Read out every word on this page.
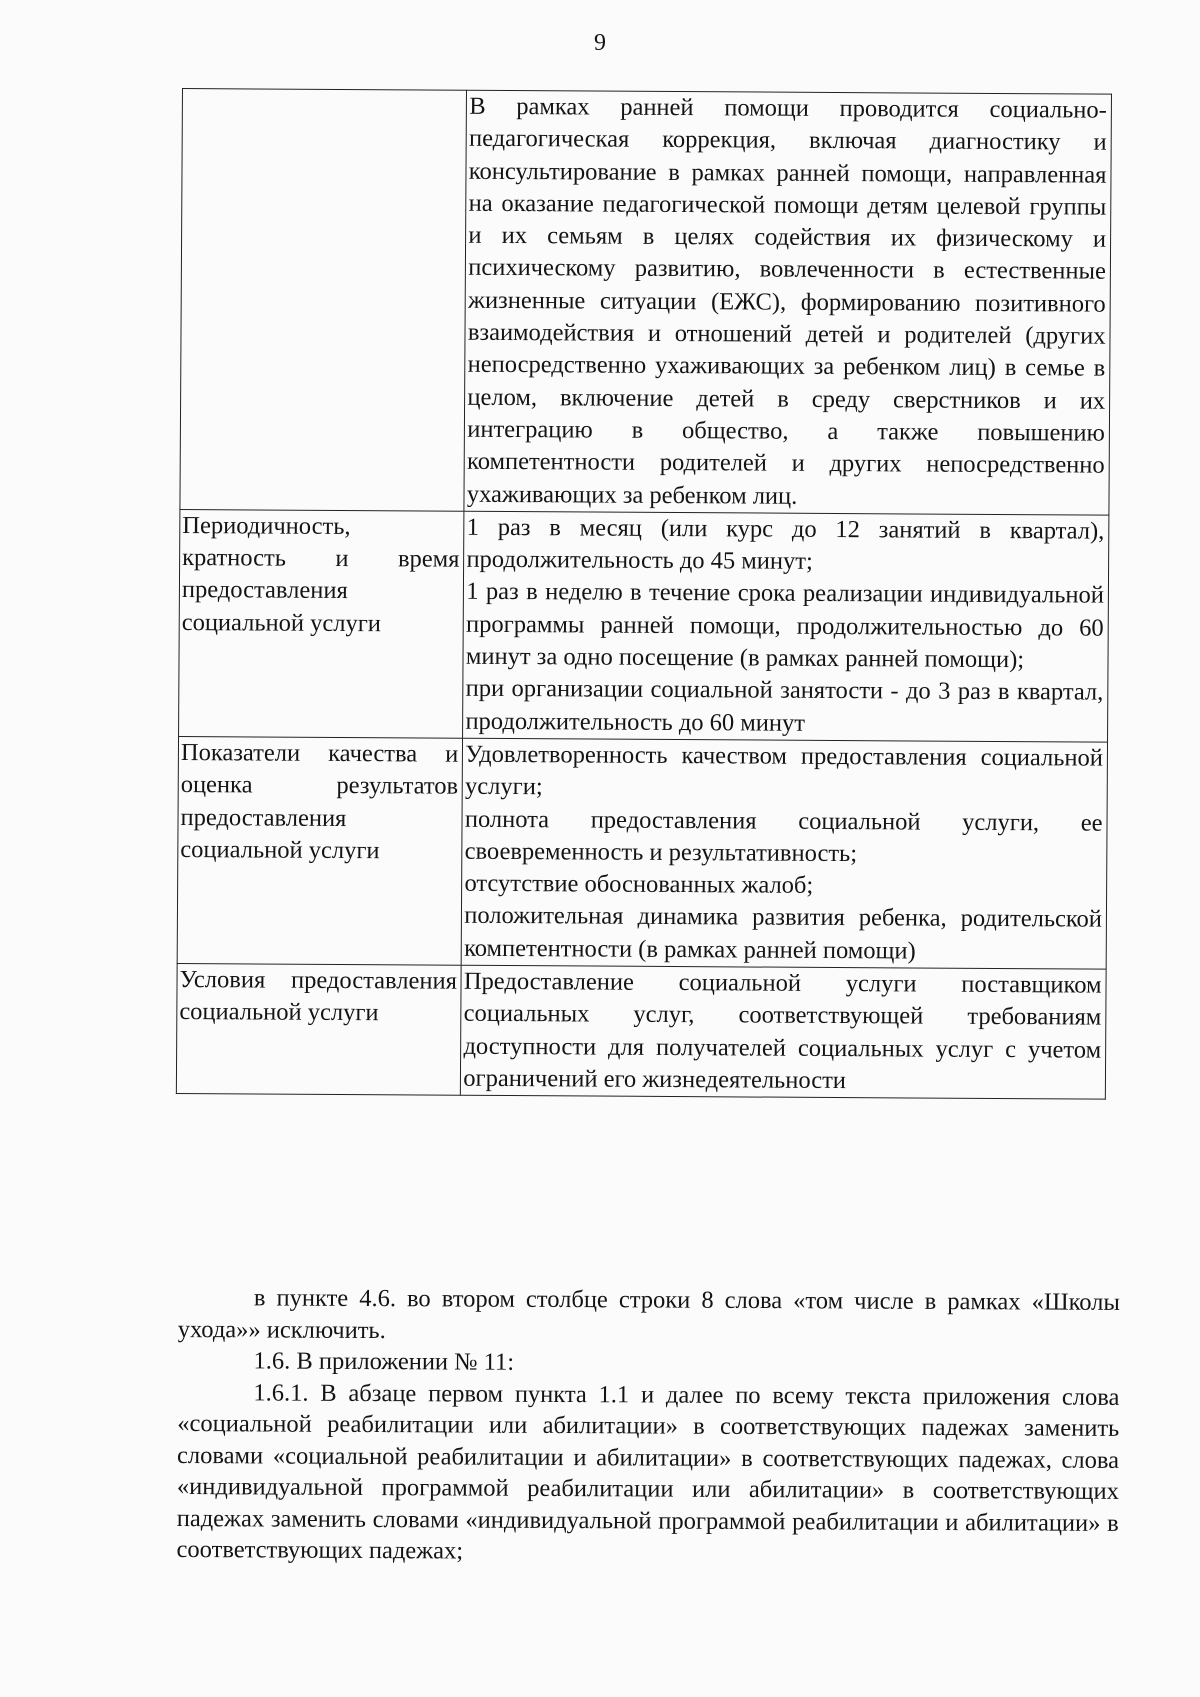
9

	В рамках ранней помощи проводится социально-педагогическая коррекция, включая диагностику и консультирование в рамках ранней помощи, направленная на оказание педагогической помощи детям целевой группы и их семьям в целях содействия их физическому и психическому развитию, вовлеченности в естественные жизненные ситуации (ЕЖС), формированию позитивного взаимодействия и отношений детей и родителей (других непосредственно ухаживающих за ребенком лиц) в семье в целом, включение детей в среду сверстников и их интеграцию в общество, а также повышению компетентности родителей и других непосредственно ухаживающих за ребенком лиц.

Периодичность, кратность и время предоставления социальной услуги	1 раз в месяц (или курс до 12 занятий в квартал), продолжительность до 45 минут;
1 раз в неделю в течение срока реализации индивидуальной программы ранней помощи, продолжительностью до 60 минут за одно посещение (в рамках ранней помощи);
при организации социальной занятости - до 3 раз в квартал, продолжительность до 60 минут

Показатели качества и оценка результатов предоставления социальной услуги	Удовлетворенность качеством предоставления социальной услуги;
полнота предоставления социальной услуги, ее своевременность и результативность;
отсутствие обоснованных жалоб;
положительная динамика развития ребенка, родительской компетентности (в рамках ранней помощи)

Условия предоставления социальной услуги	Предоставление социальной услуги поставщиком социальных услуг, соответствующей требованиям доступности для получателей социальных услуг с учетом ограничений его жизнедеятельности

в пункте 4.6. во втором столбце строки 8 слова «том числе в рамках «Школы ухода»» исключить.

1.6. В приложении № 11:

1.6.1. В абзаце первом пункта 1.1 и далее по всему текста приложения слова «социальной реабилитации или абилитации» в соответствующих падежах заменить словами «социальной реабилитации и абилитации» в соответствующих падежах, слова «индивидуальной программой реабилитации или абилитации» в соответствующих падежах заменить словами «индивидуальной программой реабилитации и абилитации» в соответствующих падежах;
